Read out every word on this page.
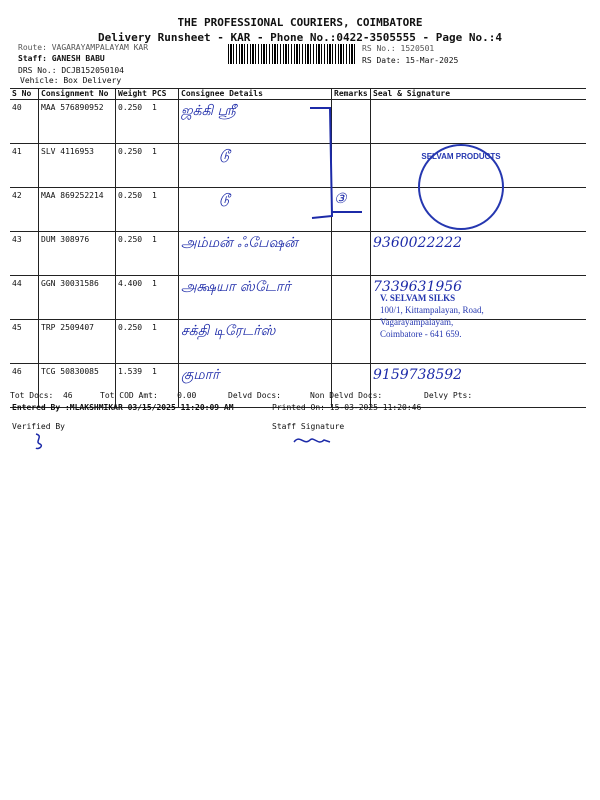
THE PROFESSIONAL COURIERS, COIMBATORE
Delivery Runsheet - KAR - Phone No.:0422-3505555 - Page No.:4
Route: VAGARAYAMPALAYAM KAR
Staff: GANESH BABU
DRS No.: DCJB152050104
Vehicle: Box Delivery
RS No.: 1520501
RS Date: 15-Mar-2025
S No	Consignment No	Weight	PCS	Consignee Details	Remarks	Seal & Signature
40	MAA 576890952	0.250	1	ஜக்கி ஸ்ரீ		
41	SLV 4116953	0.250	1	டூ		
42	MAA 869252214	0.250	1	டூ	③	
43	DUM 308976	0.250	1	அம்மன் ஃபேஷன்		9360022222
44	GGN 30031586	4.400	1	அக்ஷயா ஸ்டோர்		7339631956
45	TRP 2509407	0.250	1	சக்தி டிரேடர்ஸ்		
46	TCG 50830085	1.539	1	குமார்		9159738592
SELVAM PRODUCTS
V. SELVAM SILKS
100/1, Kittampalayan, Road,
Vagarayampalayam,
Coimbatore - 641 659.
Tot Docs:  46	Tot COD Amt:    0.00	Delvd Docs:	Non Delvd Docs:	Delvy Pts:
Entered By :MLAKSHMIKAR 03/15/2025 11:20:09 AM	Printed On: 15-03-2025 11:20:46
Verified By	Staff Signature
